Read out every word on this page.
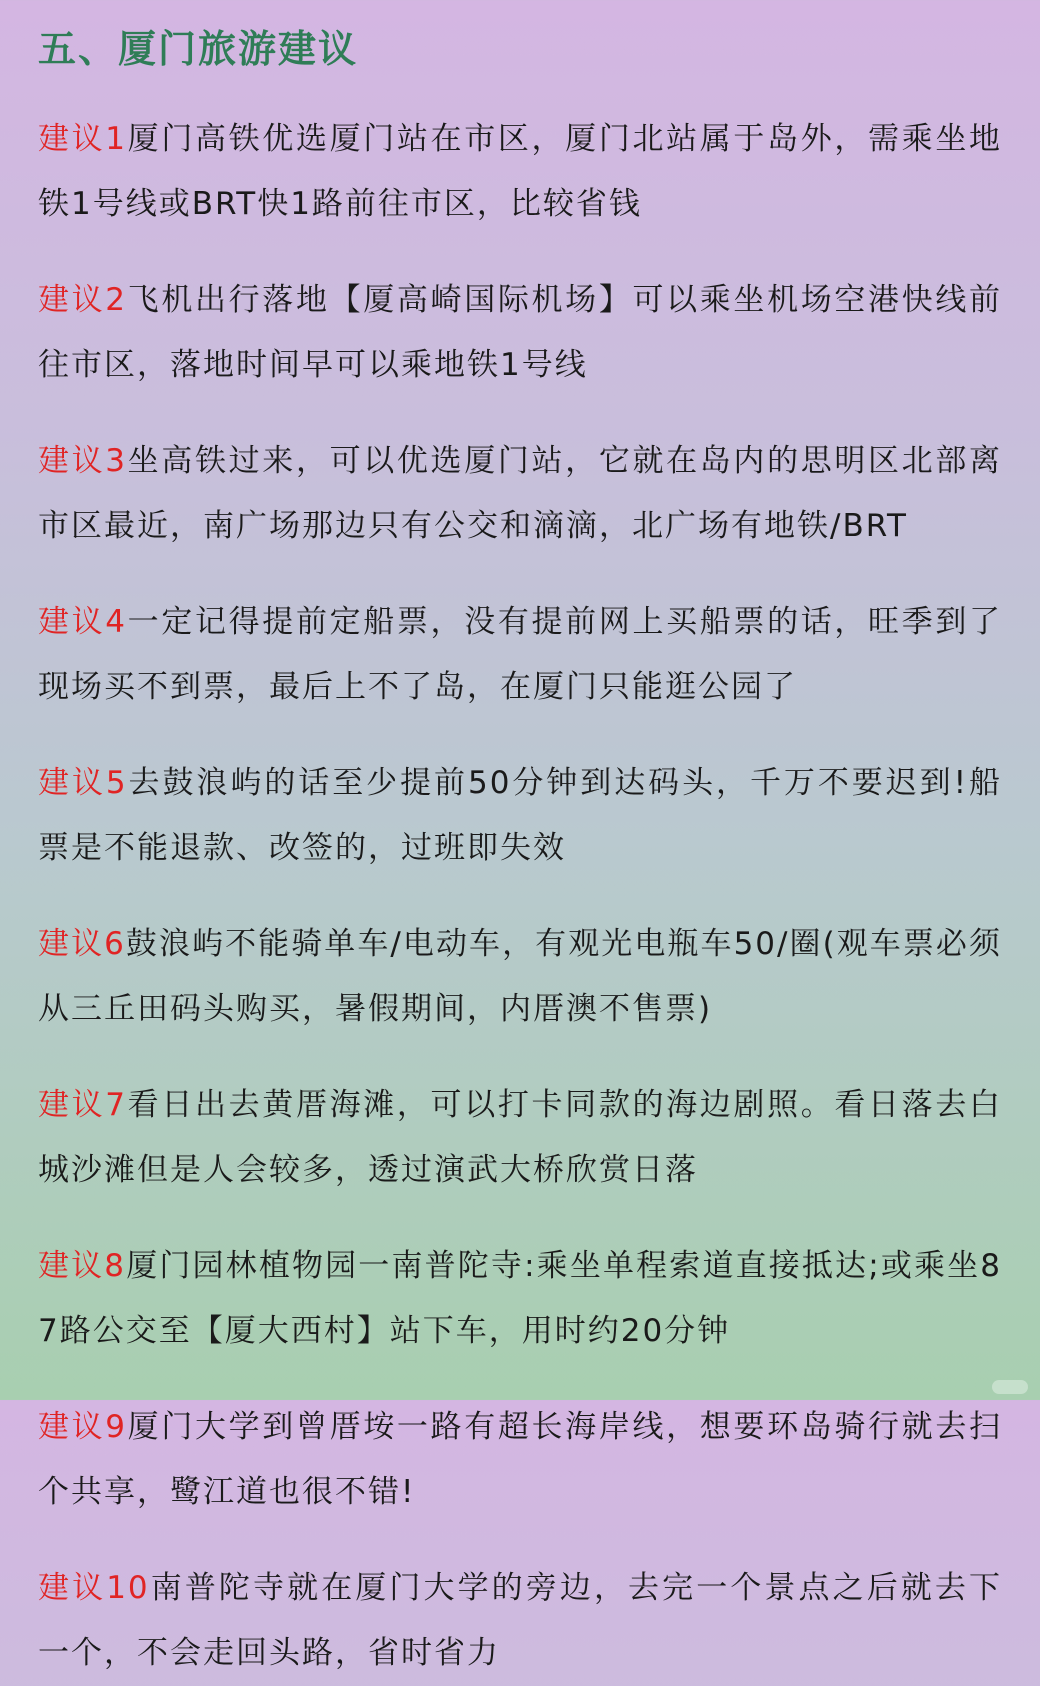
五、厦门旅游建议

建议1厦门高铁优选厦门站在市区，厦门北站属于岛外，需乘坐地铁1号线或BRT快1路前往市区，比较省钱

建议2飞机出行落地【厦高崎国际机场】可以乘坐机场空港快线前往市区，落地时间早可以乘地铁1号线

建议3坐高铁过来，可以优选厦门站，它就在岛内的思明区北部离市区最近，南广场那边只有公交和滴滴，北广场有地铁/BRT

建议4一定记得提前定船票，没有提前网上买船票的话，旺季到了现场买不到票，最后上不了岛，在厦门只能逛公园了

建议5去鼓浪屿的话至少提前50分钟到达码头，千万不要迟到!船票是不能退款、改签的，过班即失效

建议6鼓浪屿不能骑单车/电动车，有观光电瓶车50/圈(观车票必须从三丘田码头购买，暑假期间，内厝澳不售票)

建议7看日出去黄厝海滩，可以打卡同款的海边剧照。看日落去白城沙滩但是人会较多，透过演武大桥欣赏日落

建议8厦门园林植物园一南普陀寺:乘坐单程索道直接抵达;或乘坐87路公交至【厦大西村】站下车，用时约20分钟

建议9厦门大学到曾厝垵一路有超长海岸线，想要环岛骑行就去扫个共享，鹭江道也很不错!

建议10南普陀寺就在厦门大学的旁边，去完一个景点之后就去下一个，不会走回头路，省时省力
